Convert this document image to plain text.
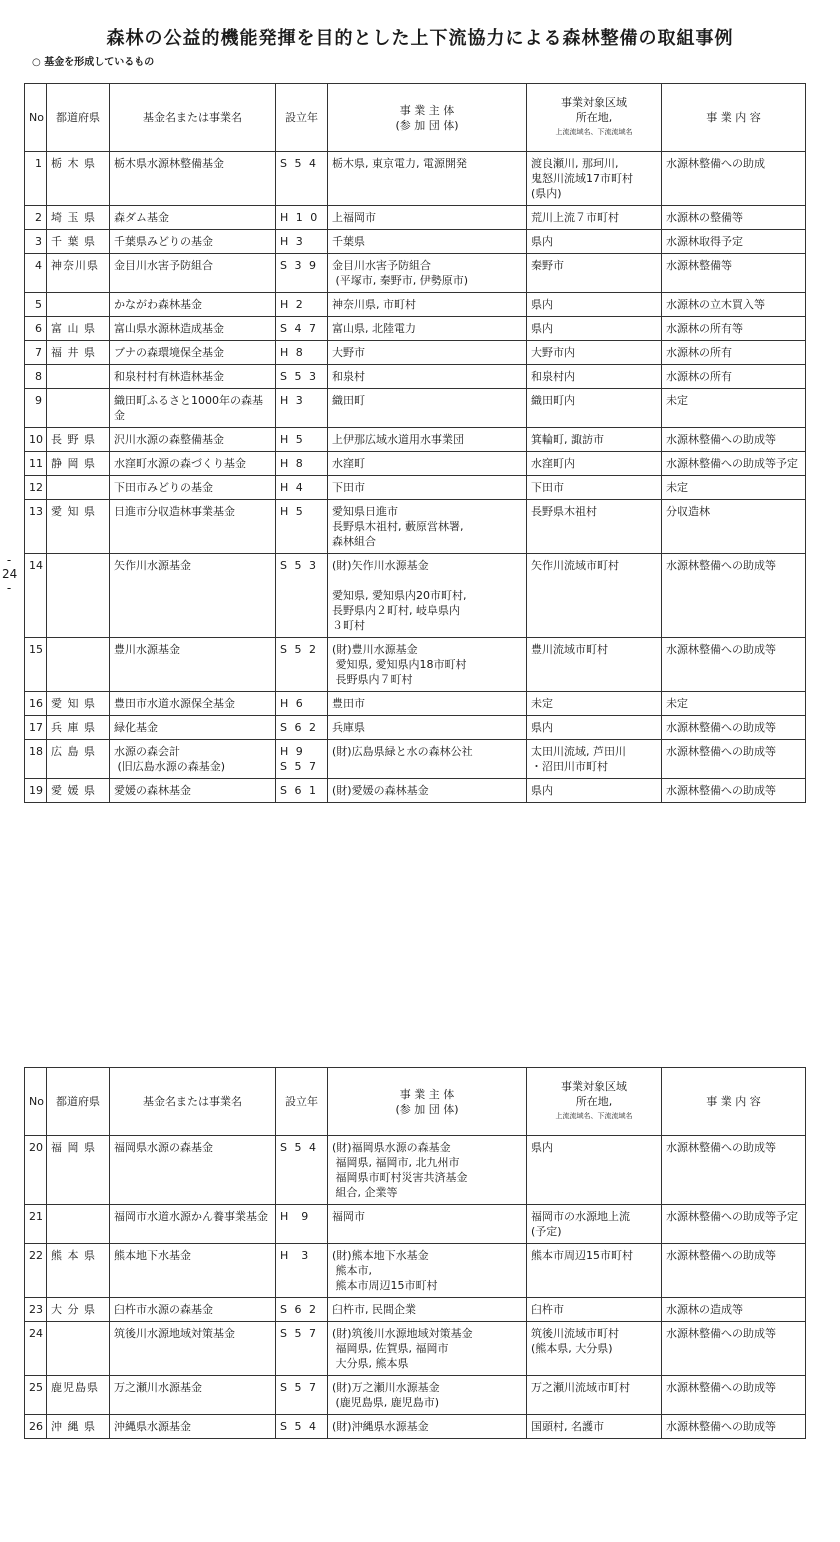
森林の公益的機能発揮を目的とした上下流協力による森林整備の取組事例
○ 基金を形成しているもの
- 24 -
No	都道府県	基金名または事業名	設立年	事 業 主 体
(参 加 団 体)	事業対象区域
所在地,
上流流域名、下流流域名	事 業 内 容
1	栃 木 県	栃木県水源林整備基金	S 5 4	栃木県, 東京電力, 電源開発	渡良瀬川, 那珂川,
鬼怒川流域17市町村
(県内)	水源林整備への助成
2	埼 玉 県	森ダム基金	H 1 0	上福岡市	荒川上流７市町村	水源林の整備等
3	千 葉 県	千葉県みどりの基金	H 3	千葉県	県内	水源林取得予定
4	神奈川県	金目川水害予防組合	S 3 9	金目川水害予防組合
(平塚市, 秦野市, 伊勢原市)	秦野市	水源林整備等
5		かながわ森林基金	H 2	神奈川県, 市町村	県内	水源林の立木買入等
6	富 山 県	富山県水源林造成基金	S 4 7	富山県, 北陸電力	県内	水源林の所有等
7	福 井 県	ブナの森環境保全基金	H 8	大野市	大野市内	水源林の所有
8		和泉村村有林造林基金	S 5 3	和泉村	和泉村内	水源林の所有
9		織田町ふるさと1000年の森基金	H 3	織田町	織田町内	未定
10	長 野 県	沢川水源の森整備基金	H 5	上伊那広域水道用水事業団	箕輪町, 諏訪市	水源林整備への助成等
11	静 岡 県	水窪町水源の森づくり基金	H 8	水窪町	水窪町内	水源林整備への助成等予定
12		下田市みどりの基金	H 4	下田市	下田市	未定
13	愛 知 県	日進市分収造林事業基金	H 5	愛知県日進市
長野県木祖村, 藪原営林署,
森林組合	長野県木祖村	分収造林
14		矢作川水源基金	S 5 3	(財)矢作川水源基金

愛知県, 愛知県内20市町村,
長野県内２町村, 岐阜県内
３町村	矢作川流域市町村	水源林整備への助成等
15		豊川水源基金	S 5 2	(財)豊川水源基金
愛知県, 愛知県内18市町村
長野県内７町村	豊川流域市町村	水源林整備への助成等
16	愛 知 県	豊田市水道水源保全基金	H 6	豊田市	未定	未定
17	兵 庫 県	緑化基金	S 6 2	兵庫県	県内	水源林整備への助成等
18	広 島 県	水源の森会計
(旧広島水源の森基金)	H 9
S 5 7	(財)広島県緑と水の森林公社	太田川流域, 芦田川
・沼田川市町村	水源林整備への助成等
19	愛 媛 県	愛媛の森林基金	S 6 1	(財)愛媛の森林基金	県内	水源林整備への助成等
No	都道府県	基金名または事業名	設立年	事 業 主 体
(参 加 団 体)	事業対象区域
所在地,
上流流域名、下流流域名	事 業 内 容
20	福 岡 県	福岡県水源の森基金	S 5 4	(財)福岡県水源の森基金
福岡県, 福岡市, 北九州市
福岡県市町村災害共済基金
組合, 企業等	県内	水源林整備への助成等
21		福岡市水道水源かん養事業基金	H  9	福岡市	福岡市の水源地上流
(予定)	水源林整備への助成等予定
22	熊 本 県	熊本地下水基金	H  3	(財)熊本地下水基金
熊本市,
熊本市周辺15市町村	熊本市周辺15市町村	水源林整備への助成等
23	大 分 県	臼杵市水源の森基金	S 6 2	臼杵市, 民間企業	臼杵市	水源林の造成等
24		筑後川水源地域対策基金	S 5 7	(財)筑後川水源地域対策基金
福岡県, 佐賀県, 福岡市
大分県, 熊本県	筑後川流域市町村
(熊本県, 大分県)	水源林整備への助成等
25	鹿児島県	万之瀬川水源基金	S 5 7	(財)万之瀬川水源基金
(鹿児島県, 鹿児島市)	万之瀬川流域市町村	水源林整備への助成等
26	沖 縄 県	沖縄県水源基金	S 5 4	(財)沖縄県水源基金	国頭村, 名護市	水源林整備への助成等
